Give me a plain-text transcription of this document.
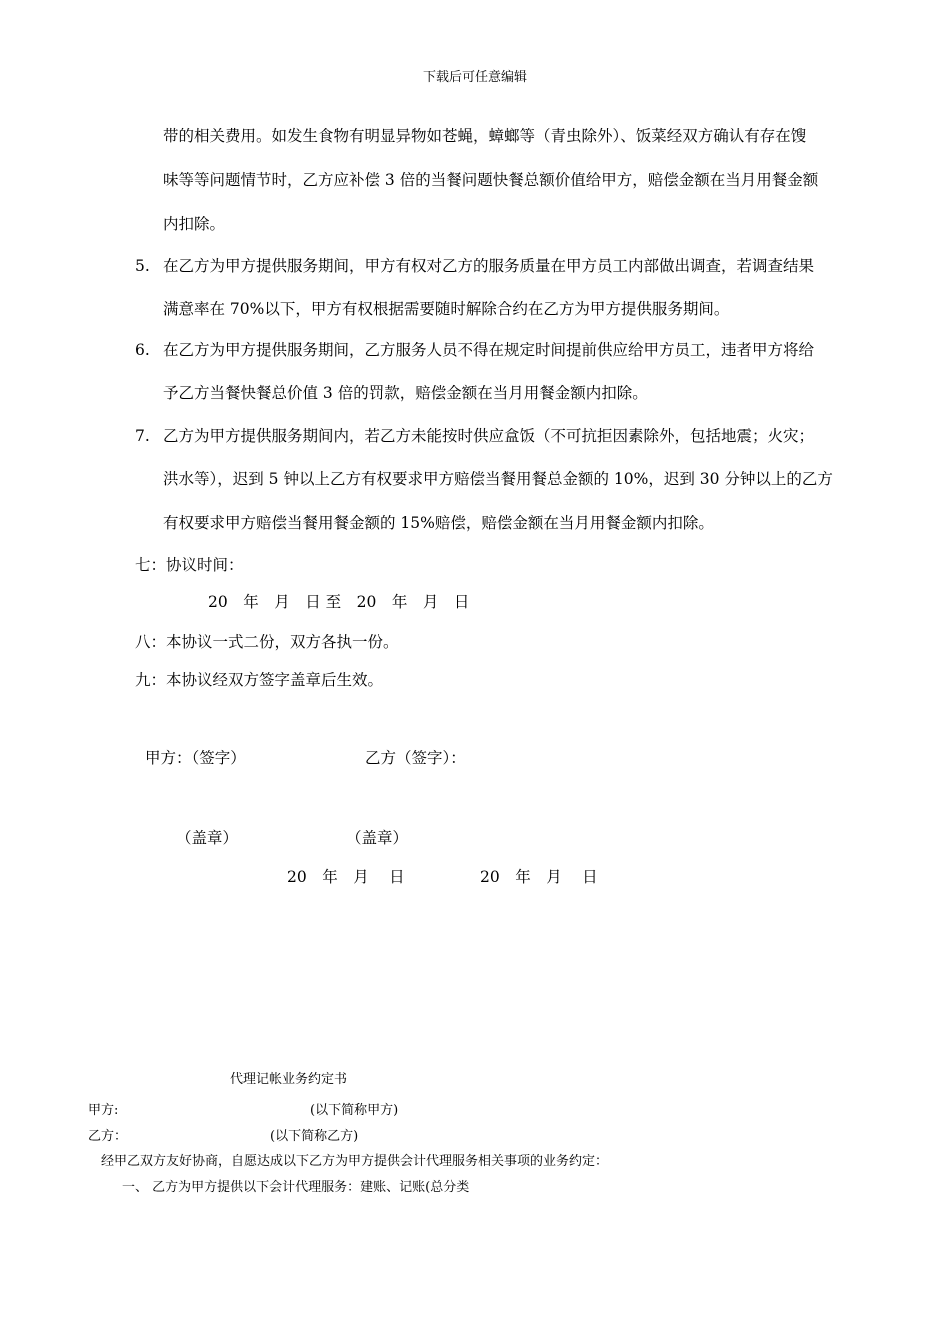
下载后可任意编辑
带的相关费用。如发生食物有明显异物如苍蝇，蟑螂等（青虫除外）、饭菜经双方确认有存在馊
味等等问题情节时，乙方应补偿 3 倍的当餐问题快餐总额价值给甲方，赔偿金额在当月用餐金额
内扣除。
5. 在乙方为甲方提供服务期间，甲方有权对乙方的服务质量在甲方员工内部做出调查，若调查结果
满意率在 70%以下，甲方有权根据需要随时解除合约在乙方为甲方提供服务期间。
6. 在乙方为甲方提供服务期间，乙方服务人员不得在规定时间提前供应给甲方员工，违者甲方将给
予乙方当餐快餐总价值 3 倍的罚款，赔偿金额在当月用餐金额内扣除。
7. 乙方为甲方提供服务期间内，若乙方未能按时供应盒饭（不可抗拒因素除外，包括地震；火灾；
洪水等），迟到 5 钟以上乙方有权要求甲方赔偿当餐用餐总金额的 10%，迟到 30 分钟以上的乙方
有权要求甲方赔偿当餐用餐金额的 15%赔偿，赔偿金额在当月用餐金额内扣除。
七：协议时间：
20　年　月　日 至　20　年　月　日
八：本协议一式二份，双方各执一份。
九：本协议经双方签字盖章后生效。
甲方：（签字）	乙方（签字）：
（盖章）	（盖章）
20　年　月　 日	20　年　月　 日
代理记帐业务约定书
甲方:	(以下简称甲方)
乙方：	(以下简称乙方)
经甲乙双方友好协商，自愿达成以下乙方为甲方提供会计代理服务相关事项的业务约定：
一、 乙方为甲方提供以下会计代理服务：建账、记账(总分类
